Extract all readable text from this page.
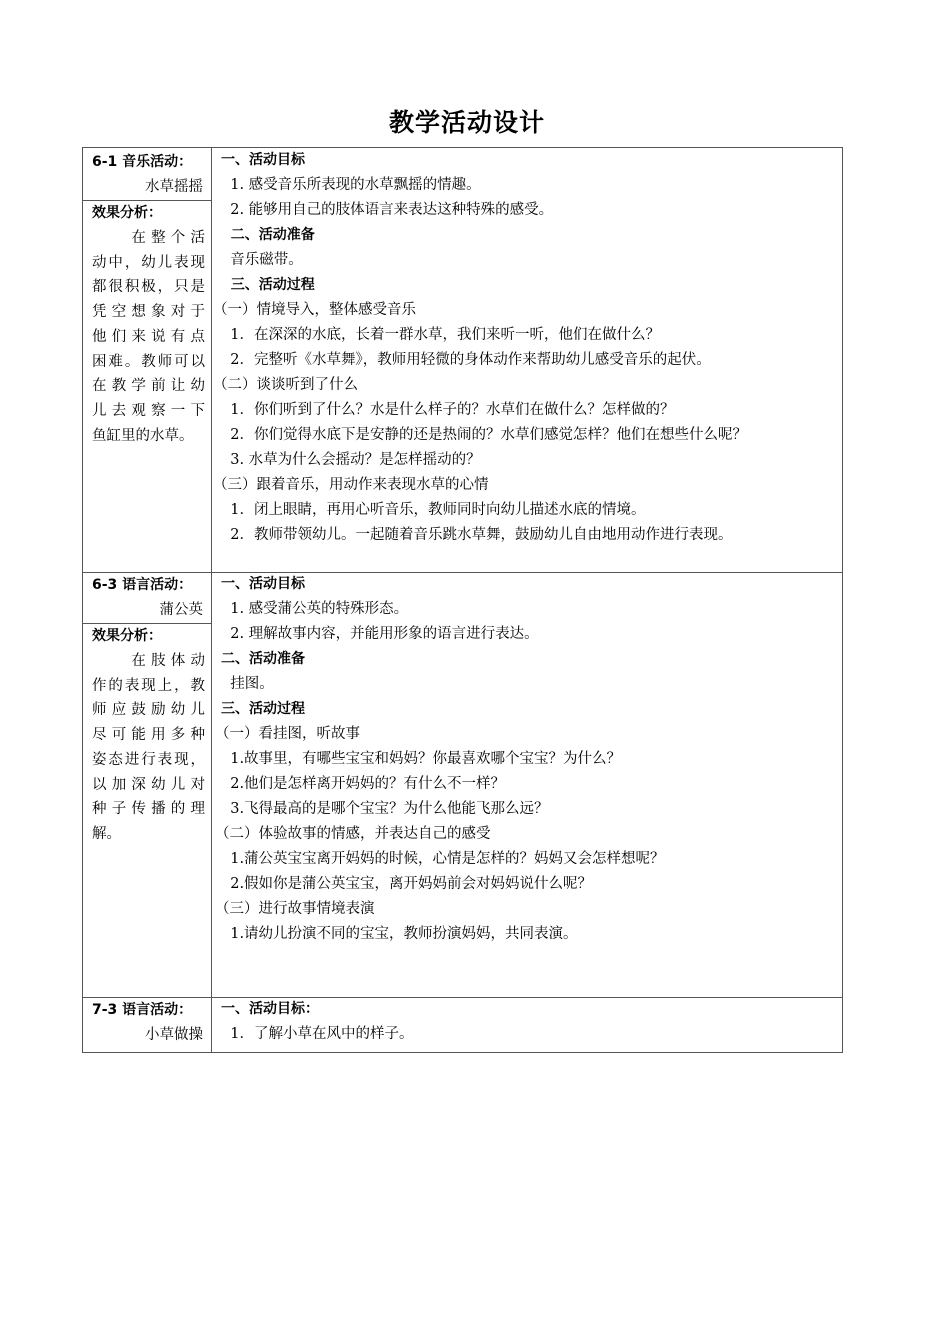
教学活动设计
6-1 音乐活动：
水草摇摇
效果分析：
　　在整个活
动中，幼儿表现
都很积极，只是
凭空想象对于
他们来说有点
困难。教师可以
在教学前让幼
儿去观察一下
鱼缸里的水草。
一、活动目标
1. 感受音乐所表现的水草飘摇的情趣。
2. 能够用自己的肢体语言来表达这种特殊的感受。
二、活动准备
音乐磁带。
三、活动过程
（一）情境导入，整体感受音乐
1．在深深的水底，长着一群水草，我们来听一听，他们在做什么？
2．完整听《水草舞》，教师用轻微的身体动作来帮助幼儿感受音乐的起伏。
（二）谈谈听到了什么
1．你们听到了什么？水是什么样子的？水草们在做什么？怎样做的？
2．你们觉得水底下是安静的还是热闹的？水草们感觉怎样？他们在想些什么呢？
3. 水草为什么会摇动？是怎样摇动的？
（三）跟着音乐，用动作来表现水草的心情
1．闭上眼睛，再用心听音乐，教师同时向幼儿描述水底的情境。
2．教师带领幼儿。一起随着音乐跳水草舞，鼓励幼儿自由地用动作进行表现。
6-3 语言活动：
蒲公英
效果分析：
　　在肢体动
作的表现上，教
师应鼓励幼儿
尽可能用多种
姿态进行表现，
以加深幼儿对
种子传播的理
解。
一、活动目标
1. 感受蒲公英的特殊形态。
2. 理解故事内容，并能用形象的语言进行表达。
二、活动准备
挂图。
三、活动过程
（一）看挂图，听故事
1.故事里，有哪些宝宝和妈妈？你最喜欢哪个宝宝？为什么？
2.他们是怎样离开妈妈的？有什么不一样？
3.飞得最高的是哪个宝宝？为什么他能飞那么远？
（二）体验故事的情感，并表达自己的感受
1.蒲公英宝宝离开妈妈的时候，心情是怎样的？妈妈又会怎样想呢？
2.假如你是蒲公英宝宝，离开妈妈前会对妈妈说什么呢？
（三）进行故事情境表演
1.请幼儿扮演不同的宝宝，教师扮演妈妈，共同表演。
7-3 语言活动：
小草做操
一、活动目标：
1．了解小草在风中的样子。
